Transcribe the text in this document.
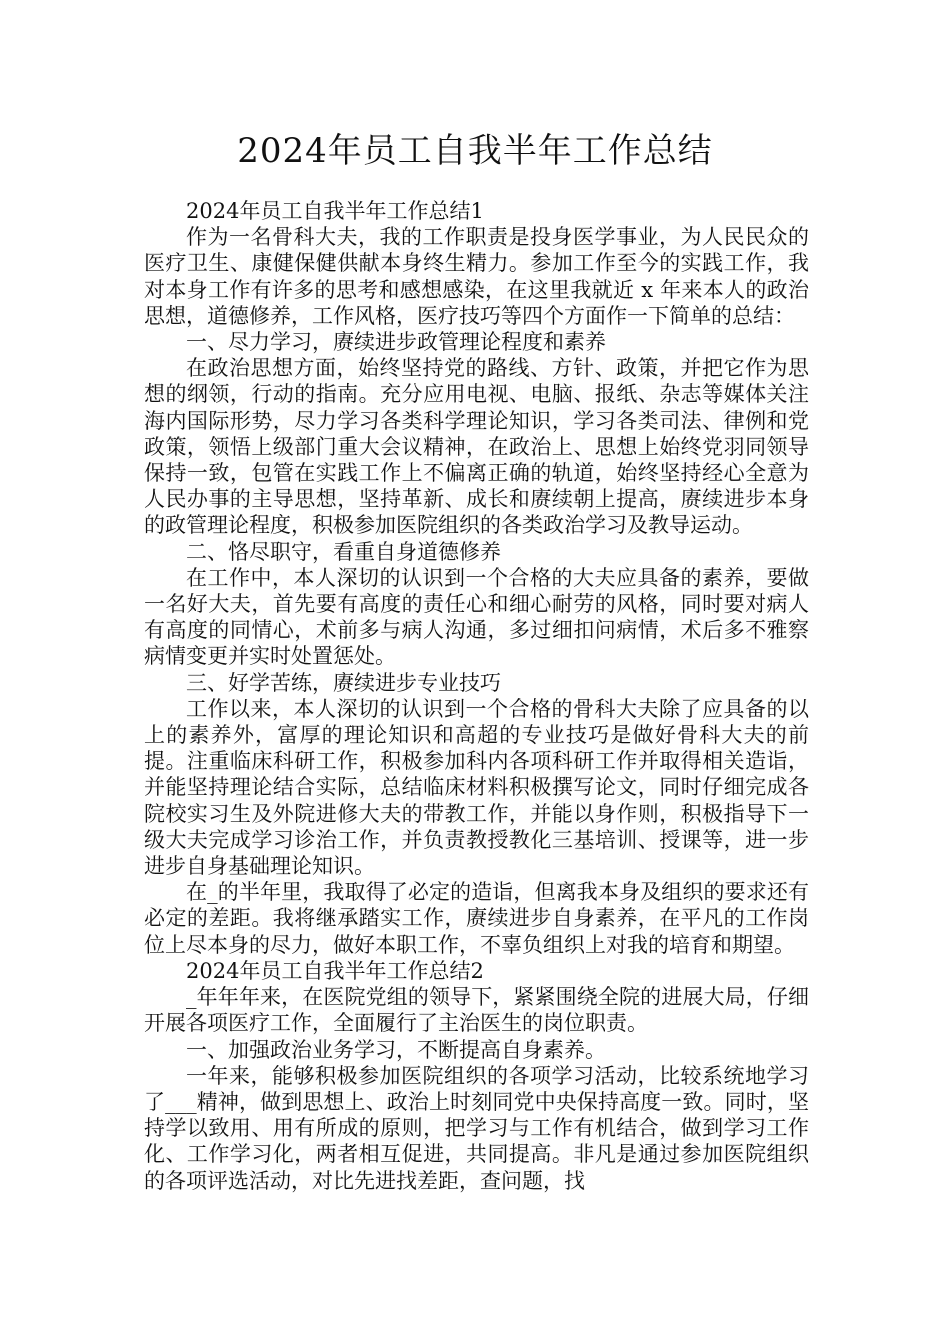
2024年员工自我半年工作总结

2024年员工自我半年工作总结1

作为一名骨科大夫，我的工作职责是投身医学事业，为人民民众的医疗卫生、康健保健供献本身终生精力。参加工作至今的实践工作，我对本身工作有许多的思考和感想感染，在这里我就近 x 年来本人的政治思想，道德修养，工作风格，医疗技巧等四个方面作一下简单的总结：

一、尽力学习，赓续进步政管理论程度和素养

在政治思想方面，始终坚持党的路线、方针、政策，并把它作为思想的纲领，行动的指南。充分应用电视、电脑、报纸、杂志等媒体关注海内国际形势，尽力学习各类科学理论知识，学习各类司法、律例和党政策，领悟上级部门重大会议精神，在政治上、思想上始终党羽同领导保持一致，包管在实践工作上不偏离正确的轨道，始终坚持经心全意为人民办事的主导思想，坚持革新、成长和赓续朝上提高，赓续进步本身的政管理论程度，积极参加医院组织的各类政治学习及教导运动。

二、恪尽职守，看重自身道德修养

在工作中，本人深切的认识到一个合格的大夫应具备的素养，要做一名好大夫，首先要有高度的责任心和细心耐劳的风格，同时要对病人有高度的同情心，术前多与病人沟通，多过细扣问病情，术后多不雅察病情变更并实时处置惩处。

三、好学苦练，赓续进步专业技巧

工作以来，本人深切的认识到一个合格的骨科大夫除了应具备的以上的素养外，富厚的理论知识和高超的专业技巧是做好骨科大夫的前提。注重临床科研工作，积极参加科内各项科研工作并取得相关造诣，并能坚持理论结合实际，总结临床材料积极撰写论文，同时仔细完成各院校实习生及外院进修大夫的带教工作，并能以身作则，积极指导下一级大夫完成学习诊治工作，并负责教授教化三基培训、授课等，进一步进步自身基础理论知识。

在_的半年里，我取得了必定的造诣，但离我本身及组织的要求还有必定的差距。我将继承踏实工作，赓续进步自身素养，在平凡的工作岗位上尽本身的尽力，做好本职工作，不辜负组织上对我的培育和期望。

2024年员工自我半年工作总结2

_年年年来，在医院党组的领导下，紧紧围绕全院的进展大局，仔细开展各项医疗工作，全面履行了主治医生的岗位职责。

一、加强政治业务学习，不断提高自身素养。

一年来，能够积极参加医院组织的各项学习活动，比较系统地学习了___精神，做到思想上、政治上时刻同党中央保持高度一致。同时，坚持学以致用、用有所成的原则，把学习与工作有机结合，做到学习工作化、工作学习化，两者相互促进，共同提高。非凡是通过参加医院组织的各项评选活动，对比先进找差距，查问题，找
